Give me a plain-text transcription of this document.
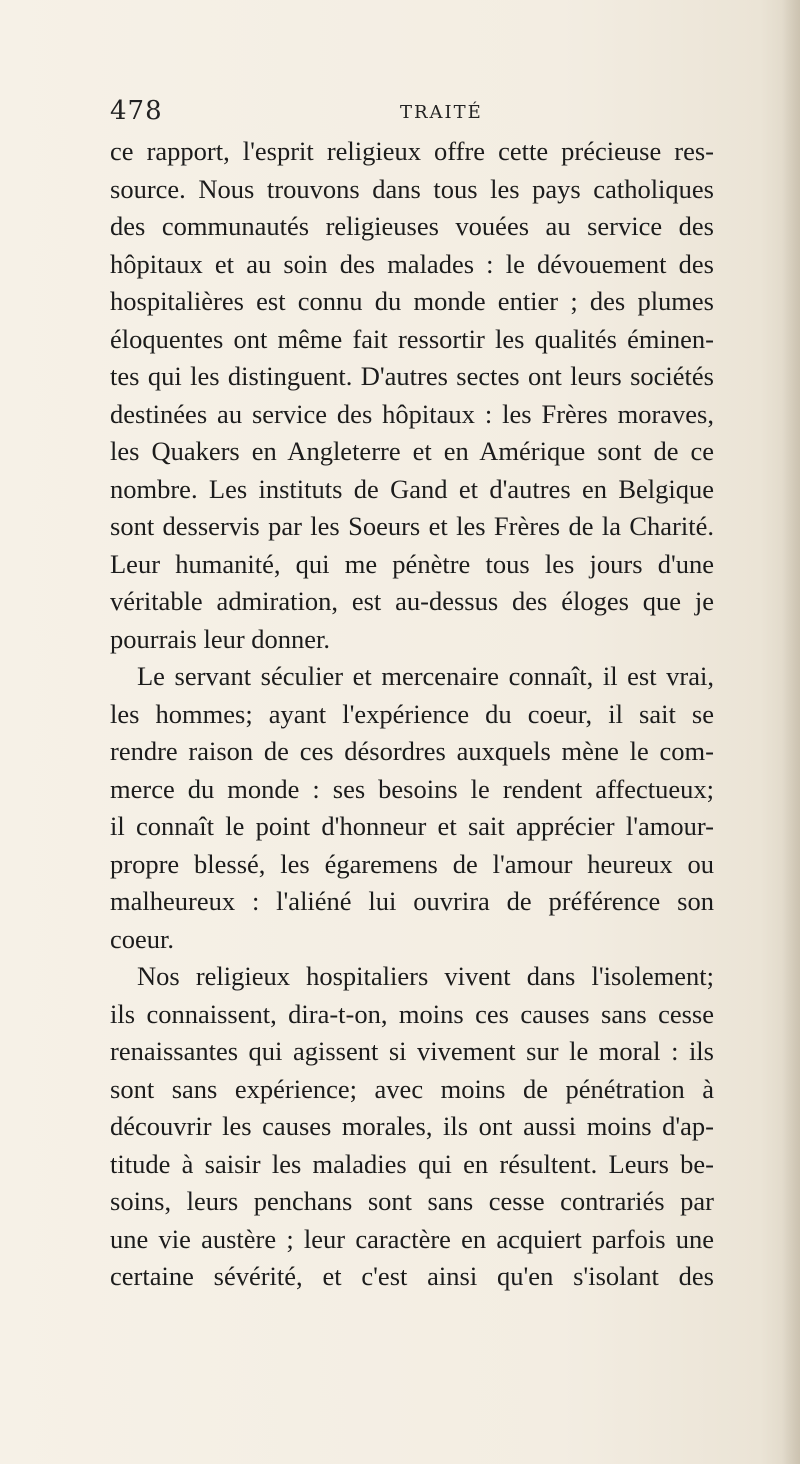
478	TRAITÉ
ce rapport, l'esprit religieux offre cette précieuse res-
source. Nous trouvons dans tous les pays catholiques
des communautés religieuses vouées au service des
hôpitaux et au soin des malades : le dévouement des
hospitalières est connu du monde entier ; des plumes
éloquentes ont même fait ressortir les qualités éminen-
tes qui les distinguent. D'autres sectes ont leurs sociétés
destinées au service des hôpitaux : les Frères moraves,
les Quakers en Angleterre et en Amérique sont de ce
nombre. Les instituts de Gand et d'autres en Belgique
sont desservis par les Soeurs et les Frères de la Charité.
Leur humanité, qui me pénètre tous les jours d'une
véritable admiration, est au-dessus des éloges que je
pourrais leur donner.
Le servant séculier et mercenaire connaît, il est vrai,
les hommes; ayant l'expérience du coeur, il sait se
rendre raison de ces désordres auxquels mène le com-
merce du monde : ses besoins le rendent affectueux;
il connaît le point d'honneur et sait apprécier l'amour-
propre blessé, les égaremens de l'amour heureux ou
malheureux : l'aliéné lui ouvrira de préférence son
coeur.
Nos religieux hospitaliers vivent dans l'isolement;
ils connaissent, dira-t-on, moins ces causes sans cesse
renaissantes qui agissent si vivement sur le moral : ils
sont sans expérience; avec moins de pénétration à
découvrir les causes morales, ils ont aussi moins d'ap-
titude à saisir les maladies qui en résultent. Leurs be-
soins, leurs penchans sont sans cesse contrariés par
une vie austère ; leur caractère en acquiert parfois une
certaine sévérité, et c'est ainsi qu'en s'isolant des
